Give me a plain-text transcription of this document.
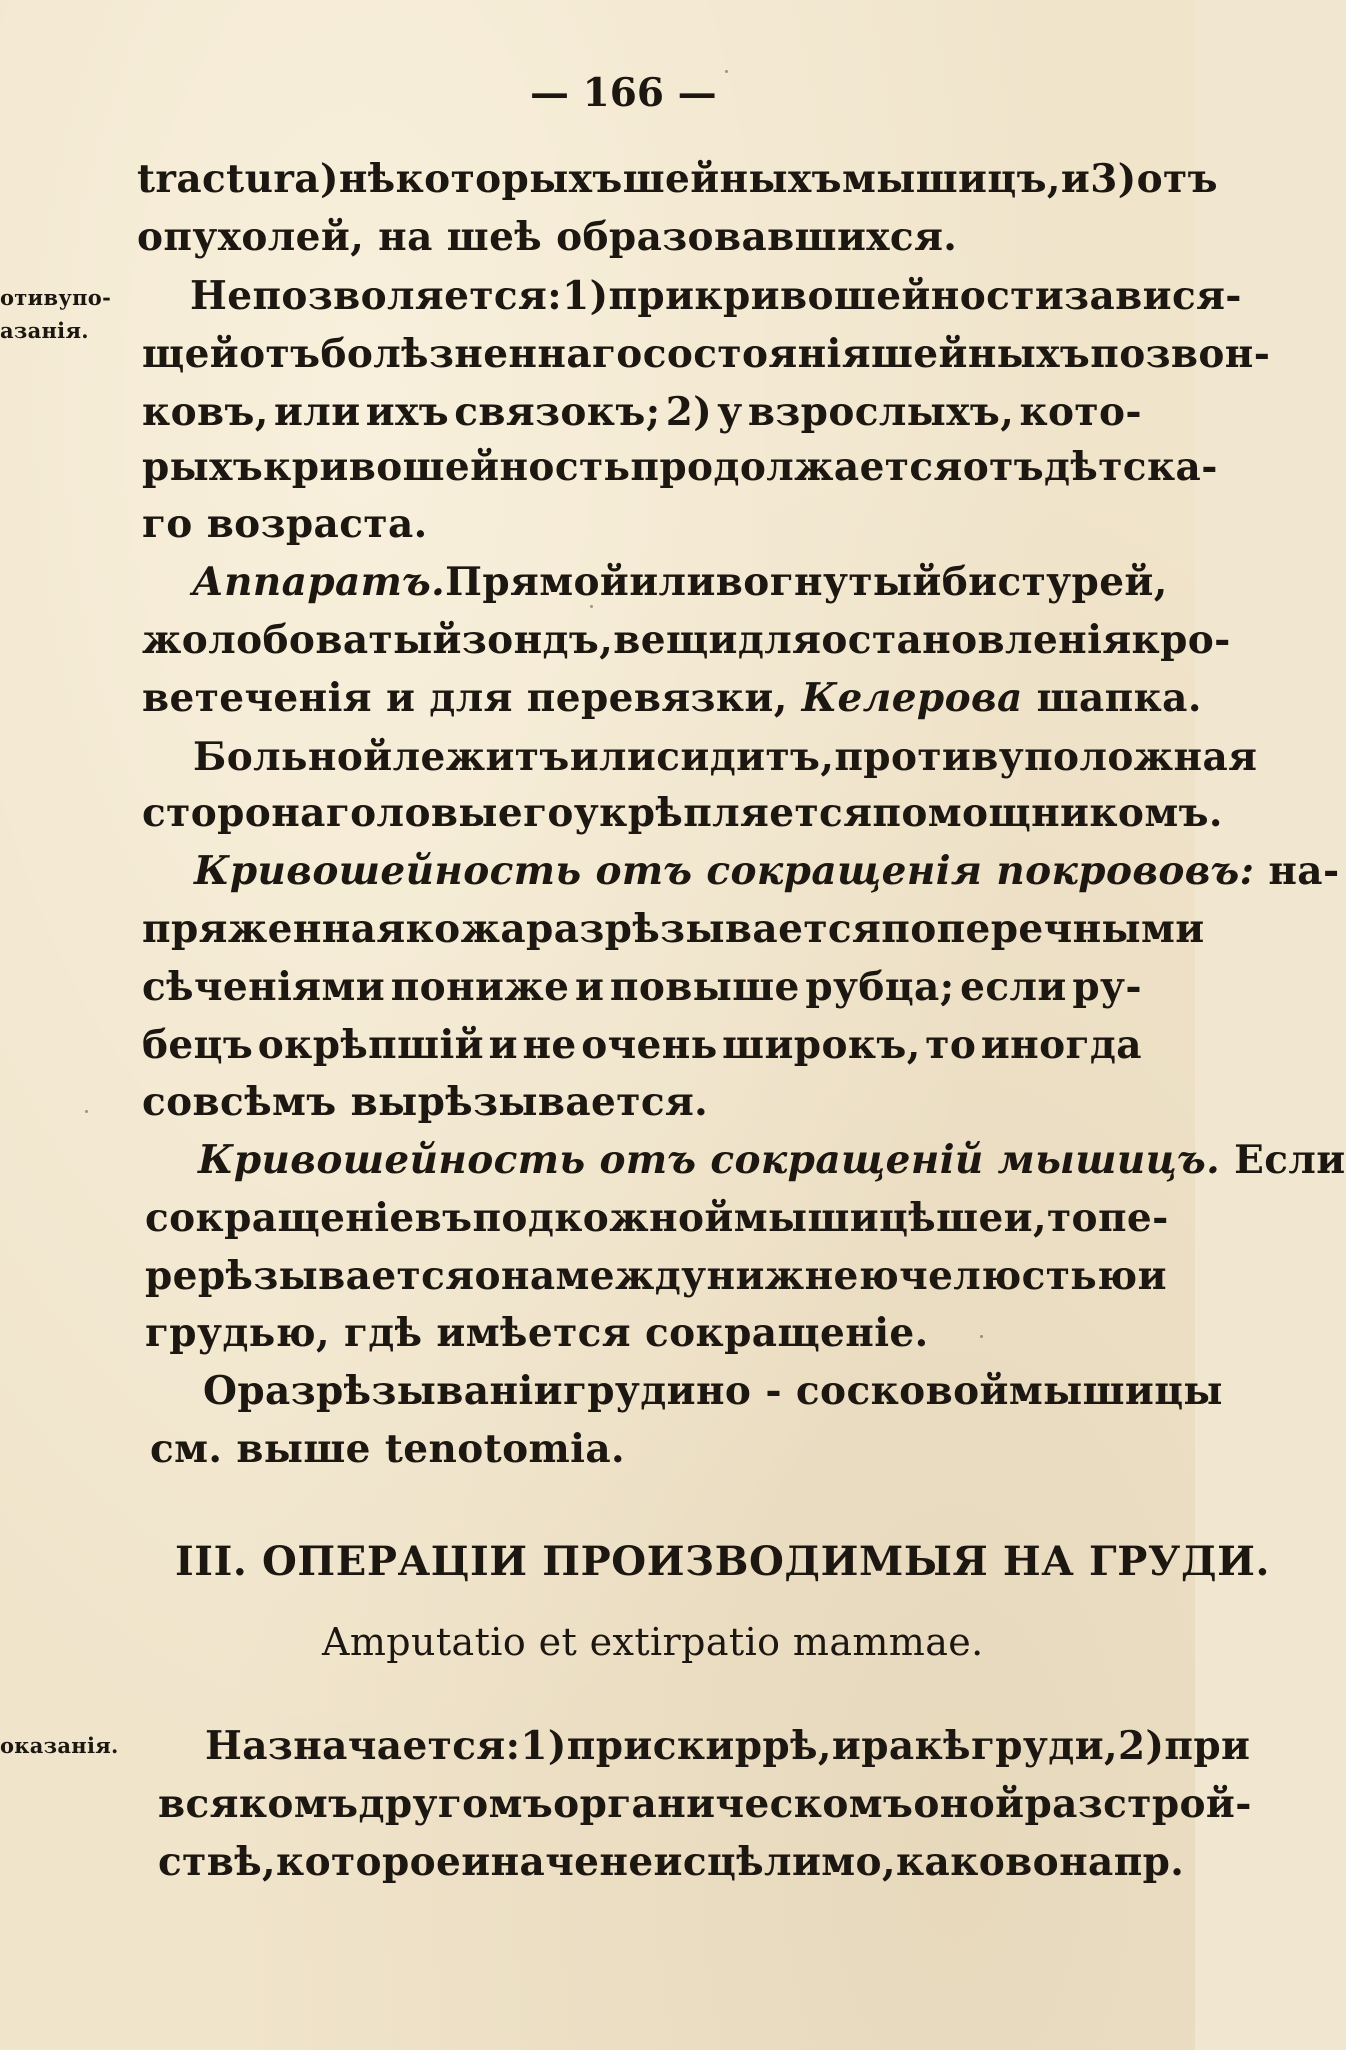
— 166 —
отивупо-
азанія.
оказанія.
tractura) нѣкоторыхъ шейныхъ мышицъ, и 3) отъ
опухолей, на шеѣ образовавшихся.
Не позволяется: 1) при кривошейности завися-
щей отъ болѣзненнаго состоянія шейныхъ позвон-
ковъ, или ихъ связокъ; 2) у взрослыхъ, кото-
рыхъ кривошейность продолжается отъ дѣтска-
го возраста.
Аппаратъ. Прямой или вогнутый бистурей,
жолобоватый зондъ, вещи для остановленія кро-
ветеченія и для перевязки, Келерова шапка.
Больной лежитъ или сидитъ, противуположная
сторона головы его укрѣпляется помощникомъ.
Кривошейность отъ сокращенія покрововъ: на-
пряженная кожа разрѣзывается поперечными
сѣченіями пониже и повыше рубца; если ру-
бецъ окрѣпшій и не очень широкъ, то иногда
совсѣмъ вырѣзывается.
Кривошейность отъ сокращеній мышицъ. Если
сокращеніе въ подкожной мышицѣ шеи, то пе-
рерѣзывается она между нижнею челюстью и
грудью, гдѣ имѣется сокращеніе.
О разрѣзываніи грудино - сосковой мышицы
см. выше tenotomia.
III. ОПЕРАЦІИ ПРОИЗВОДИМЫЯ НА ГРУДИ.
Amputatio et extirpatio mammae.
Назначается: 1) при скиррѣ, и ракѣ груди, 2) при
всякомъ другомъ органическомъ оной разстрой-
ствѣ, которое иначе неисцѣлимо, каково напр.
